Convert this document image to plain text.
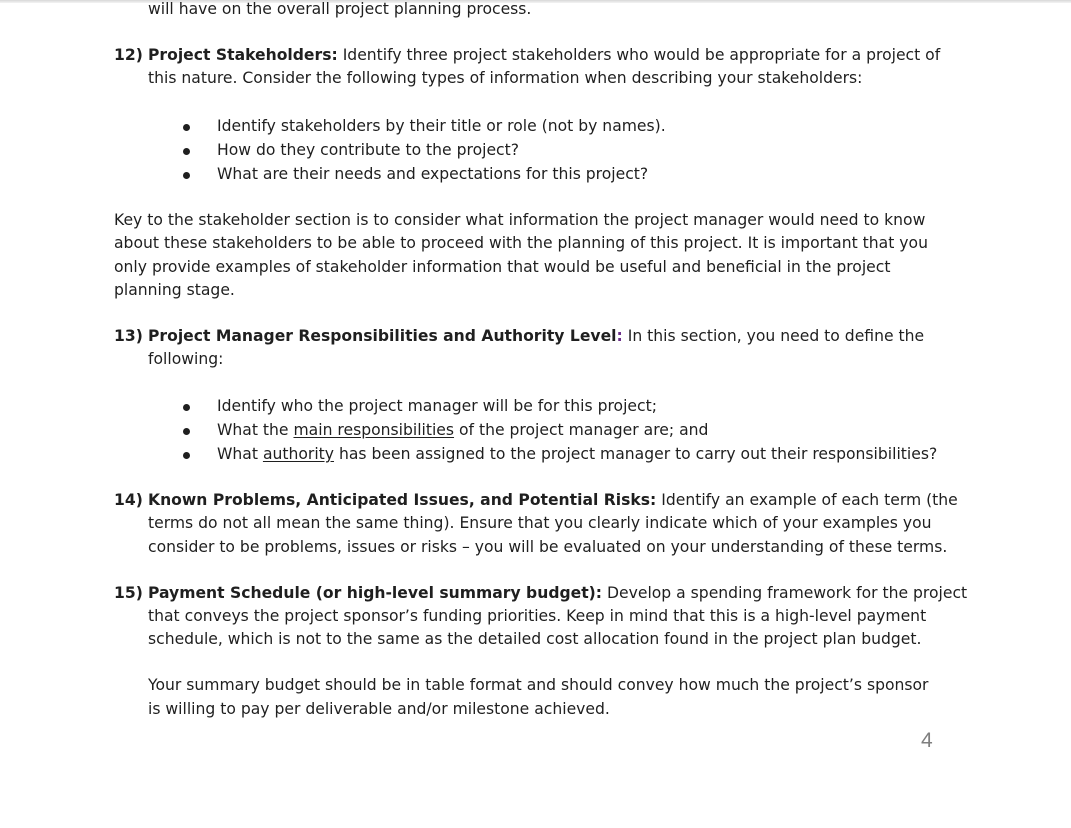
will have on the overall project planning process.
12) Project Stakeholders: Identify three project stakeholders who would be appropriate for a project of
this nature. Consider the following types of information when describing your stakeholders:
Identify stakeholders by their title or role (not by names).
How do they contribute to the project?
What are their needs and expectations for this project?
Key to the stakeholder section is to consider what information the project manager would need to know
about these stakeholders to be able to proceed with the planning of this project. It is important that you
only provide examples of stakeholder information that would be useful and beneficial in the project
planning stage.
13) Project Manager Responsibilities and Authority Level: In this section, you need to define the
following:
Identify who the project manager will be for this project;
What the main responsibilities of the project manager are; and
What authority has been assigned to the project manager to carry out their responsibilities?
14) Known Problems, Anticipated Issues, and Potential Risks: Identify an example of each term (the
terms do not all mean the same thing). Ensure that you clearly indicate which of your examples you
consider to be problems, issues or risks – you will be evaluated on your understanding of these terms.
15) Payment Schedule (or high-level summary budget): Develop a spending framework for the project
that conveys the project sponsor’s funding priorities. Keep in mind that this is a high-level payment
schedule, which is not to the same as the detailed cost allocation found in the project plan budget.
Your summary budget should be in table format and should convey how much the project’s sponsor
is willing to pay per deliverable and/or milestone achieved.
4
